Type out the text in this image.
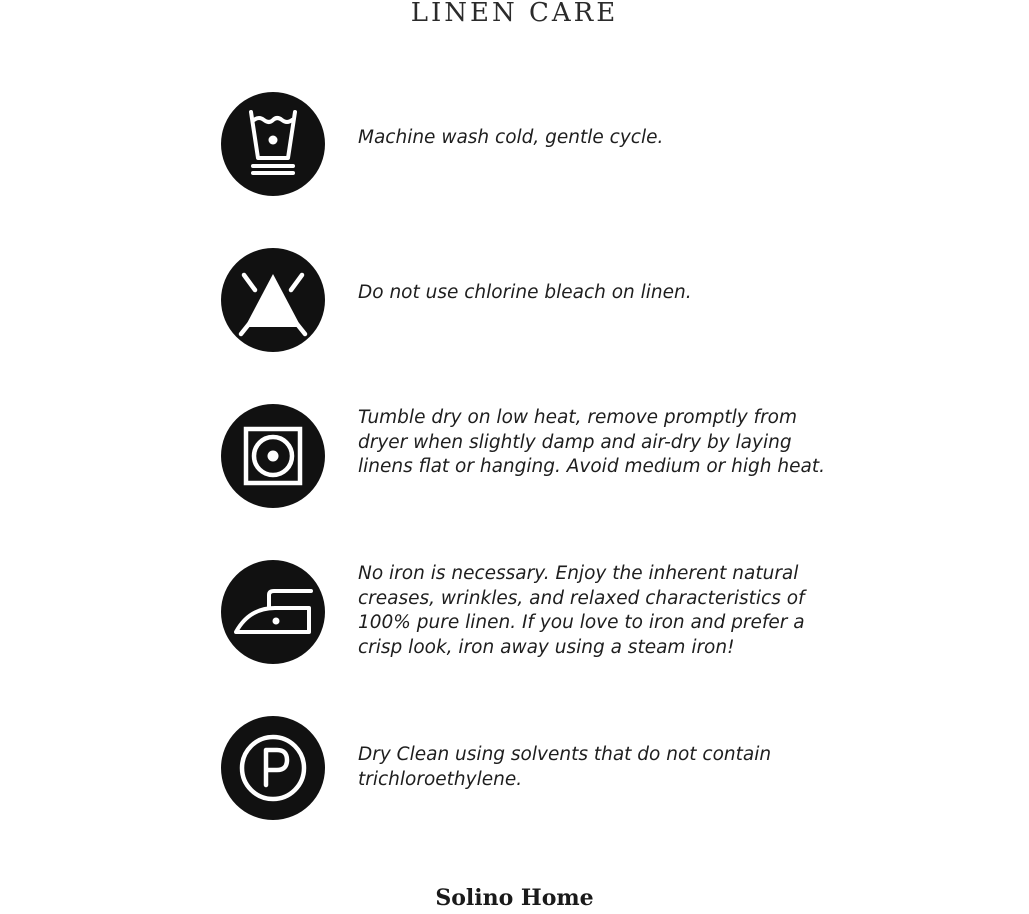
LINEN CARE

Machine wash cold, gentle cycle.

Do not use chlorine bleach on linen.

Tumble dry on low heat, remove promptly from dryer when slightly damp and air-dry by laying linens flat or hanging. Avoid medium or high heat.

No iron is necessary. Enjoy the inherent natural creases, wrinkles, and relaxed characteristics of 100% pure linen. If you love to iron and prefer a crisp look, iron away using a steam iron!

Dry Clean using solvents that do not contain trichloroethylene.

Solino Home
